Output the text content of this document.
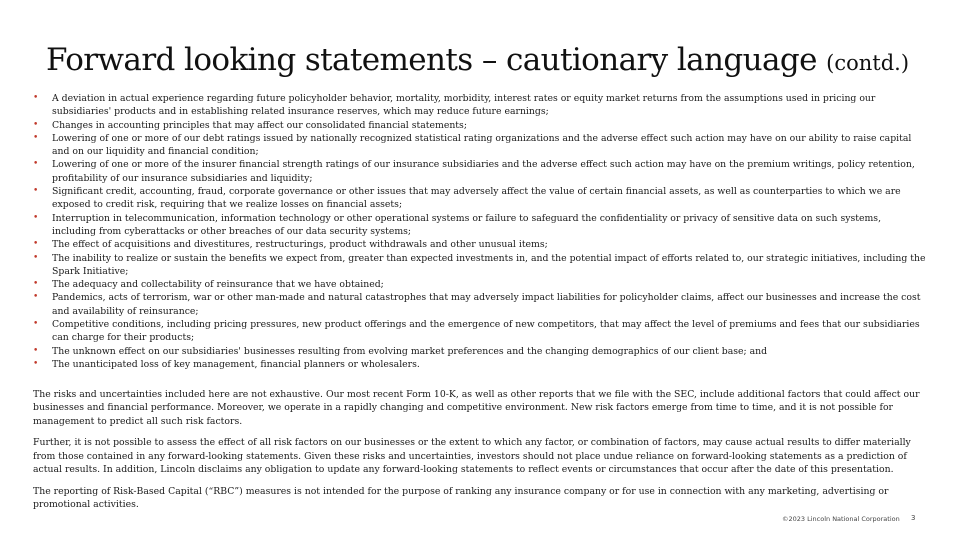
Forward looking statements – cautionary language (contd.)
• A deviation in actual experience regarding future policyholder behavior, mortality, morbidity, interest rates or equity market returns from the assumptions used in pricing our subsidiaries' products and in establishing related insurance reserves, which may reduce future earnings;
• Changes in accounting principles that may affect our consolidated financial statements;
• Lowering of one or more of our debt ratings issued by nationally recognized statistical rating organizations and the adverse effect such action may have on our ability to raise capital and on our liquidity and financial condition;
• Lowering of one or more of the insurer financial strength ratings of our insurance subsidiaries and the adverse effect such action may have on the premium writings, policy retention, profitability of our insurance subsidiaries and liquidity;
• Significant credit, accounting, fraud, corporate governance or other issues that may adversely affect the value of certain financial assets, as well as counterparties to which we are exposed to credit risk, requiring that we realize losses on financial assets;
• Interruption in telecommunication, information technology or other operational systems or failure to safeguard the confidentiality or privacy of sensitive data on such systems, including from cyberattacks or other breaches of our data security systems;
• The effect of acquisitions and divestitures, restructurings, product withdrawals and other unusual items;
• The inability to realize or sustain the benefits we expect from, greater than expected investments in, and the potential impact of efforts related to, our strategic initiatives, including the Spark Initiative;
• The adequacy and collectability of reinsurance that we have obtained;
• Pandemics, acts of terrorism, war or other man-made and natural catastrophes that may adversely impact liabilities for policyholder claims, affect our businesses and increase the cost and availability of reinsurance;
• Competitive conditions, including pricing pressures, new product offerings and the emergence of new competitors, that may affect the level of premiums and fees that our subsidiaries can charge for their products;
• The unknown effect on our subsidiaries' businesses resulting from evolving market preferences and the changing demographics of our client base; and
• The unanticipated loss of key management, financial planners or wholesalers.

The risks and uncertainties included here are not exhaustive. Our most recent Form 10-K, as well as other reports that we file with the SEC, include additional factors that could affect our businesses and financial performance. Moreover, we operate in a rapidly changing and competitive environment. New risk factors emerge from time to time, and it is not possible for management to predict all such risk factors.

Further, it is not possible to assess the effect of all risk factors on our businesses or the extent to which any factor, or combination of factors, may cause actual results to differ materially from those contained in any forward-looking statements. Given these risks and uncertainties, investors should not place undue reliance on forward-looking statements as a prediction of actual results. In addition, Lincoln disclaims any obligation to update any forward-looking statements to reflect events or circumstances that occur after the date of this presentation.

The reporting of Risk-Based Capital (“RBC”) measures is not intended for the purpose of ranking any insurance company or for use in connection with any marketing, advertising or promotional activities.

©2023 Lincoln National Corporation 3
